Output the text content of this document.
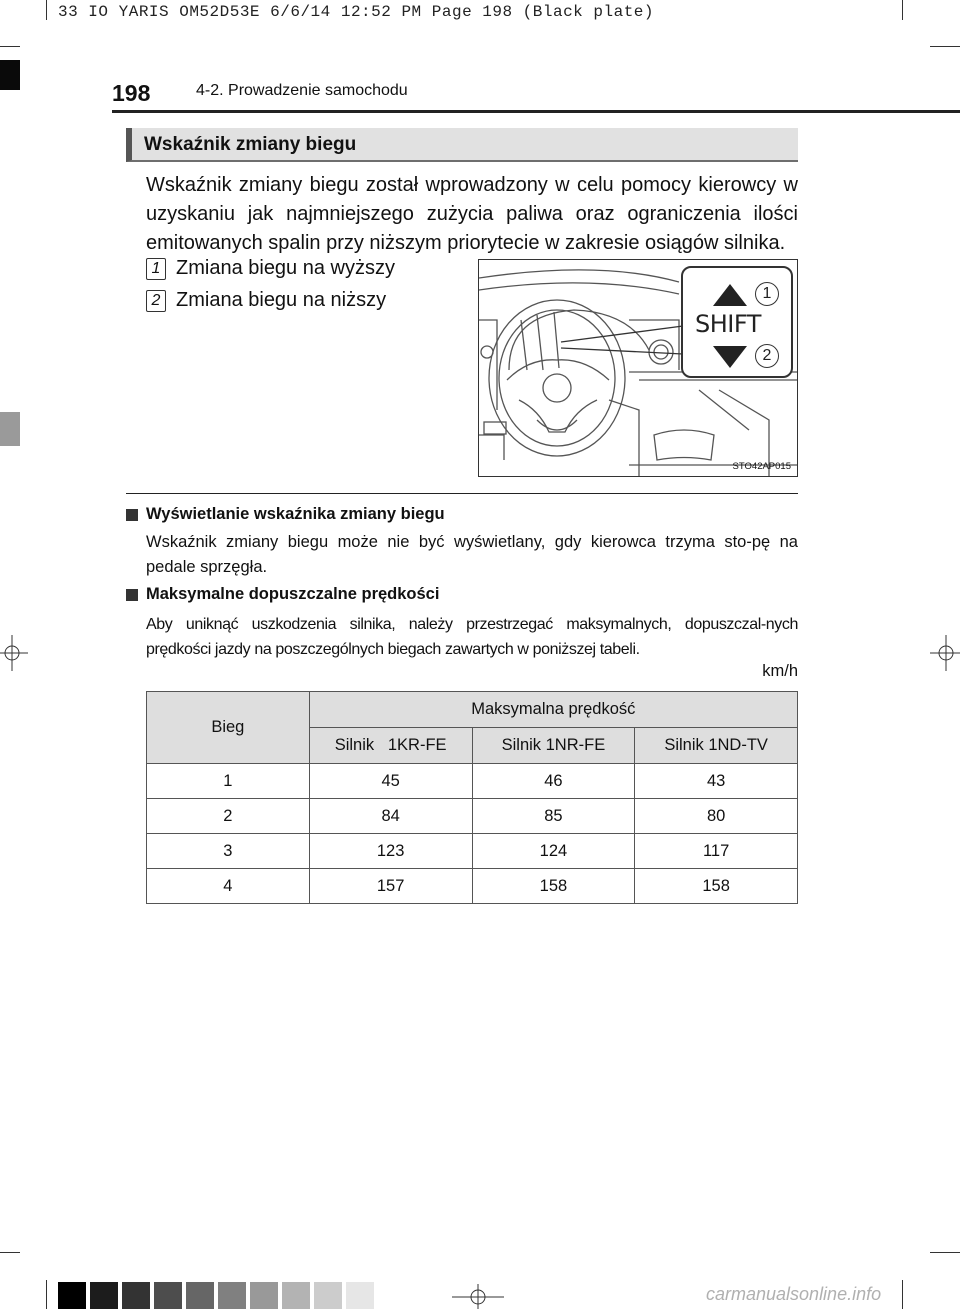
33 IO YARIS OM52D53E 6/6/14 12:52 PM Page 198 (Black plate)
198	4-2. Prowadzenie samochodu
Wskaźnik zmiany biegu

Wskaźnik zmiany biegu został wprowadzony w celu pomocy kierowcy w uzyskaniu jak najmniejszego zużycia paliwa oraz ograniczenia ilości emitowanych spalin przy niższym priorytecie w zakresie osiągów silnika.

1 Zmiana biegu na wyższy
2 Zmiana biegu na niższy
SHIFT
1
2
STO42AP015
Wyświetlanie wskaźnika zmiany biegu

Wskaźnik zmiany biegu może nie być wyświetlany, gdy kierowca trzyma sto-pę na pedale sprzęgła.

Maksymalne dopuszczalne prędkości

Aby uniknąć uszkodzenia silnika, należy przestrzegać maksymalnych, dopuszczal-nych prędkości jazdy na poszczególnych biegach zawartych w poniższej tabeli.

km/h
Bieg	Maksymalna prędkość		
	Silnik   1KR-FE	Silnik 1NR-FE	Silnik 1ND-TV
1	45	46	43
2	84	85	80
3	123	124	117
4	157	158	158
carmanualsonline.info
